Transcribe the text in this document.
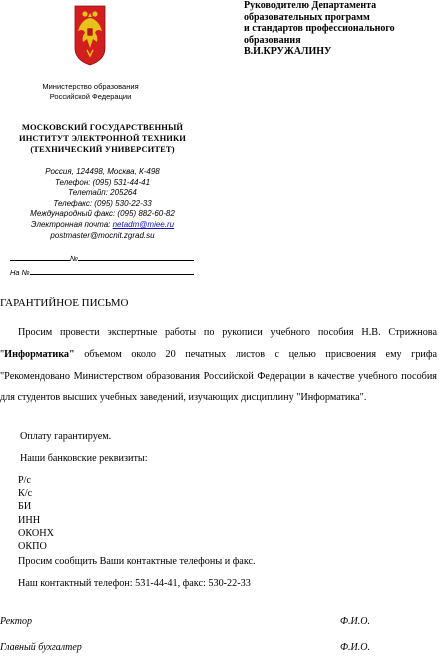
Министерство образования
Российской Федерации
МОСКОВСКИЙ ГОСУДАРСТВЕННЫЙ
ИНСТИТУТ ЭЛЕКТРОННОЙ ТЕХНИКИ
(ТЕХНИЧЕСКИЙ УНИВЕРСИТЕТ)
Россия, 124498, Москва, К-498
Телефон: (095) 531-44-41
Телетайп: 205264
Телефакс: (095) 530-22-33
Международный факс: (095) 882-60-82
Электронная почта: netadm@miee.ru
postmaster@mocnit.zgrad.su
№
На №
Руководителю Департамента
образовательных программ
и стандартов профессионального
образования
В.И.КРУЖАЛИНУ
ГАРАНТИЙНОЕ ПИСЬМО
Просим провести экспертные работы по рукописи учебного пособия Н.В. Стрижнова "Информатика" объемом около 20 печатных листов с целью присвоения ему грифа "Рекомендовано Министерством образования Российской Федерации в качестве учебного пособия для студентов высших учебных заведений, изучающих дисциплину "Информатика".
Оплату гарантируем.
Наши банковские реквизиты:
Р/с
К/с
БИ
ИНН
ОКОНХ
ОКПО
Просим сообщить Ваши контактные телефоны и факс.
Наш контактный телефон: 531-44-41, факс: 530-22-33
Ректор	Ф.И.О.
Главный бухгалтер	Ф.И.О.
